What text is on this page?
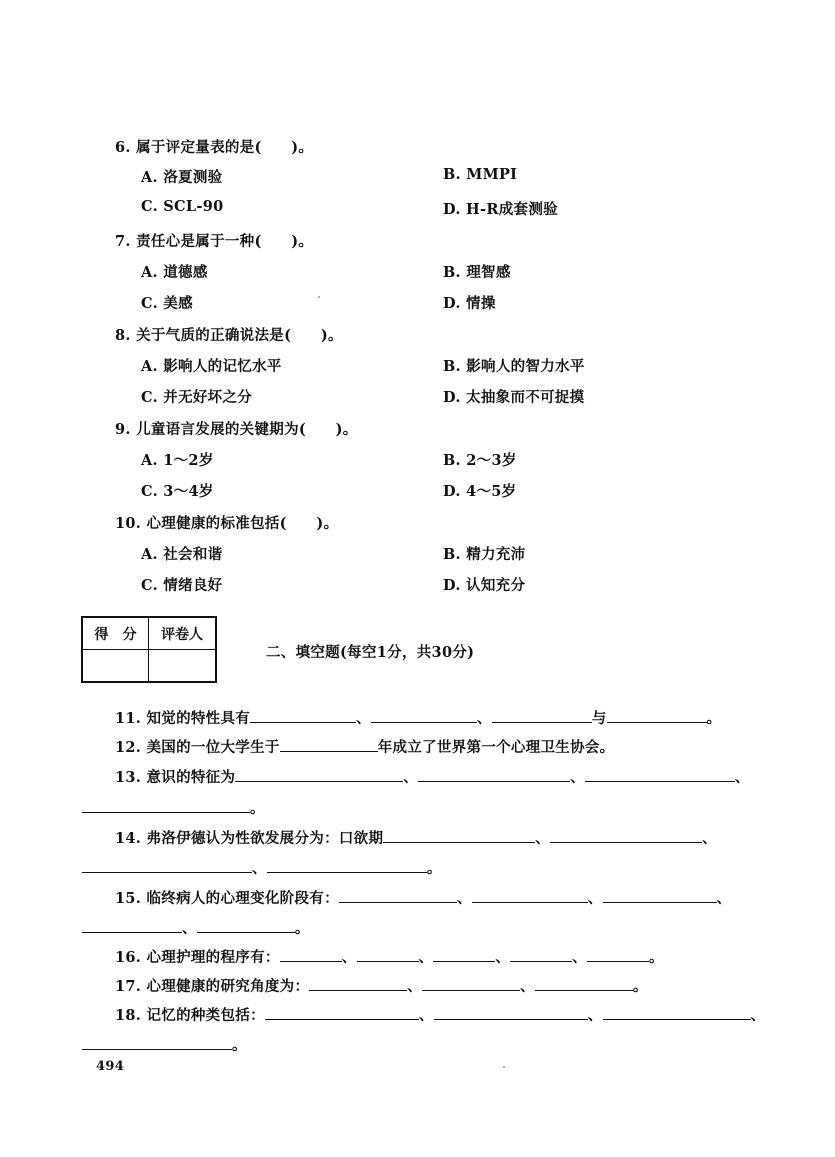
6. 属于评定量表的是(　　)。
A. 洛夏测验	B. MMPI
C. SCL-90	D. H-R成套测验
7. 责任心是属于一种(　　)。
A. 道德感	B. 理智感
C. 美感	D. 情操
8. 关于气质的正确说法是(　　)。
A. 影响人的记忆水平	B. 影响人的智力水平
C. 并无好坏之分	D. 太抽象而不可捉摸
9. 儿童语言发展的关键期为(　　)。
A. 1～2岁	B. 2～3岁
C. 3～4岁	D. 4～5岁
10. 心理健康的标准包括(　　)。
A. 社会和谐	B. 精力充沛
C. 情绪良好	D. 认知充分
得　分	评卷人

二、填空题(每空1分，共30分)
11. 知觉的特性具有	、	、	与	。
12. 美国的一位大学生于	年成立了世界第一个心理卫生协会。
13. 意识的特征为	、	、	、
。
14. 弗洛伊德认为性欲发展分为：口欲期	、	、
、	。
15. 临终病人的心理变化阶段有：	、	、	、
、	。
16. 心理护理的程序有：	、	、	、	、	。
17. 心理健康的研究角度为：	、	、	。
18. 记忆的种类包括：	、	、	、
。
494
